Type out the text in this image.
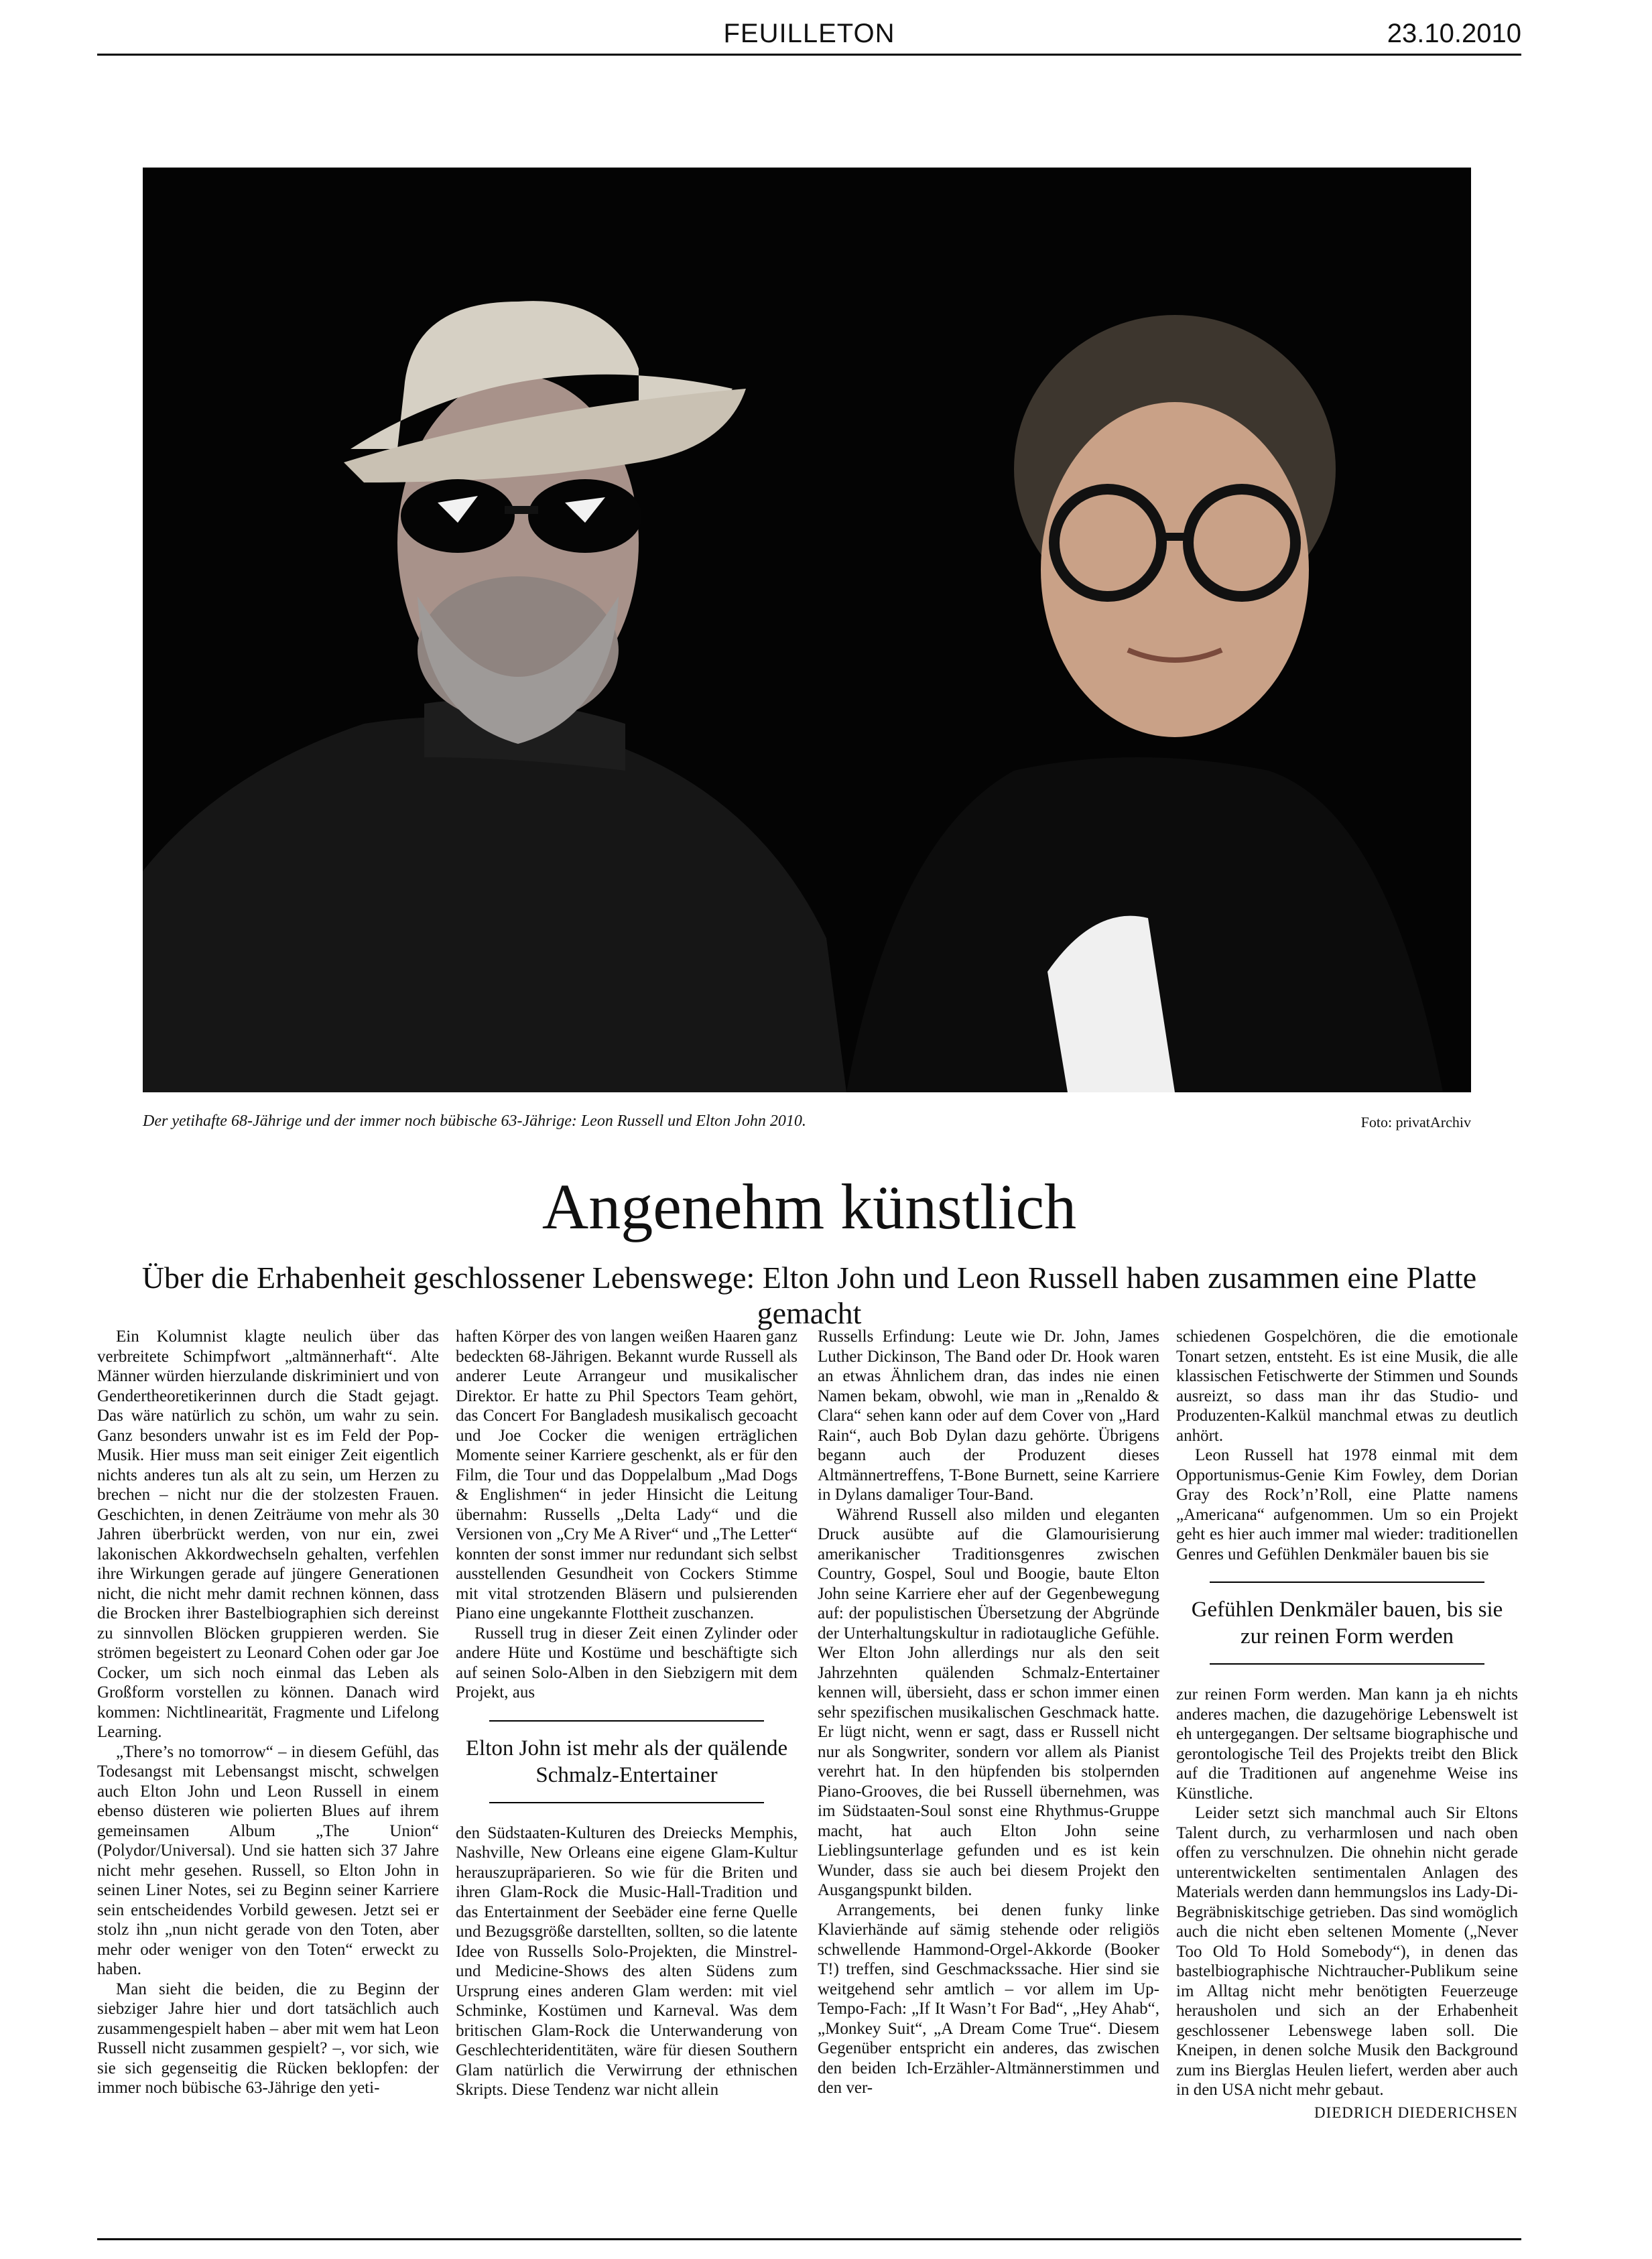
FEUILLETON	23.10.2010
Der yetihafte 68-Jährige und der immer noch bübische 63-Jährige: Leon Russell und Elton John 2010.	Foto: privatArchiv
Angenehm künstlich
Über die Erhabenheit geschlossener Lebenswege: Elton John und Leon Russell haben zusammen eine Platte gemacht

Ein Kolumnist klagte neulich über das verbreitete Schimpfwort „altmännerhaft“. Alte Männer würden hierzulande diskriminiert und von Gendertheoretikerinnen durch die Stadt gejagt. Das wäre natürlich zu schön, um wahr zu sein. Ganz besonders unwahr ist es im Feld der Pop-Musik. Hier muss man seit einiger Zeit eigentlich nichts anderes tun als alt zu sein, um Herzen zu brechen – nicht nur die der stolzesten Frauen. Geschichten, in denen Zeiträume von mehr als 30 Jahren überbrückt werden, von nur ein, zwei lakonischen Akkordwechseln gehalten, verfehlen ihre Wirkungen gerade auf jüngere Generationen nicht, die nicht mehr damit rechnen können, dass die Brocken ihrer Bastelbiographien sich dereinst zu sinnvollen Blöcken gruppieren werden. Sie strömen begeistert zu Leonard Cohen oder gar Joe Cocker, um sich noch einmal das Leben als Großform vorstellen zu können. Danach wird kommen: Nichtlinearität, Fragmente und Lifelong Learning.

„There’s no tomorrow“ – in diesem Gefühl, das Todesangst mit Lebensangst mischt, schwelgen auch Elton John und Leon Russell in einem ebenso düsteren wie polierten Blues auf ihrem gemeinsamen Album „The Union“ (Polydor/Universal). Und sie hatten sich 37 Jahre nicht mehr gesehen. Russell, so Elton John in seinen Liner Notes, sei zu Beginn seiner Karriere sein entscheidendes Vorbild gewesen. Jetzt sei er stolz ihn „nun nicht gerade von den Toten, aber mehr oder weniger von den Toten“ erweckt zu haben.

Man sieht die beiden, die zu Beginn der siebziger Jahre hier und dort tatsächlich auch zusammengespielt haben – aber mit wem hat Leon Russell nicht zusammen gespielt? –, vor sich, wie sie sich gegenseitig die Rücken beklopfen: der immer noch bübische 63-Jährige den yeti-

haften Körper des von langen weißen Haaren ganz bedeckten 68-Jährigen. Bekannt wurde Russell als anderer Leute Arrangeur und musikalischer Direktor. Er hatte zu Phil Spectors Team gehört, das Concert For Bangladesh musikalisch gecoacht und Joe Cocker die wenigen erträglichen Momente seiner Karriere geschenkt, als er für den Film, die Tour und das Doppelalbum „Mad Dogs & Englishmen“ in jeder Hinsicht die Leitung übernahm: Russells „Delta Lady“ und die Versionen von „Cry Me A River“ und „The Letter“ konnten der sonst immer nur redundant sich selbst ausstellenden Gesundheit von Cockers Stimme mit vital strotzenden Bläsern und pulsierenden Piano eine ungekannte Flottheit zuschanzen.

Russell trug in dieser Zeit einen Zylinder oder andere Hüte und Kostüme und beschäftigte sich auf seinen Solo-Alben in den Siebzigern mit dem Projekt, aus

Elton John ist mehr als der quälende Schmalz-Entertainer

den Südstaaten-Kulturen des Dreiecks Memphis, Nashville, New Orleans eine eigene Glam-Kultur herauszupräparieren. So wie für die Briten und ihren Glam-Rock die Music-Hall-Tradition und das Entertainment der Seebäder eine ferne Quelle und Bezugsgröße darstellten, sollten, so die latente Idee von Russells Solo-Projekten, die Minstrel- und Medicine-Shows des alten Südens zum Ursprung eines anderen Glam werden: mit viel Schminke, Kostümen und Karneval. Was dem britischen Glam-Rock die Unterwanderung von Geschlechteridentitäten, wäre für diesen Southern Glam natürlich die Verwirrung der ethnischen Skripts. Diese Tendenz war nicht allein

Russells Erfindung: Leute wie Dr. John, James Luther Dickinson, The Band oder Dr. Hook waren an etwas Ähnlichem dran, das indes nie einen Namen bekam, obwohl, wie man in „Renaldo & Clara“ sehen kann oder auf dem Cover von „Hard Rain“, auch Bob Dylan dazu gehörte. Übrigens begann auch der Produzent dieses Altmännertreffens, T-Bone Burnett, seine Karriere in Dylans damaliger Tour-Band.

Während Russell also milden und eleganten Druck ausübte auf die Glamourisierung amerikanischer Traditionsgenres zwischen Country, Gospel, Soul und Boogie, baute Elton John seine Karriere eher auf der Gegenbewegung auf: der populistischen Übersetzung der Abgründe der Unterhaltungskultur in radiotaugliche Gefühle. Wer Elton John allerdings nur als den seit Jahrzehnten quälenden Schmalz-Entertainer kennen will, übersieht, dass er schon immer einen sehr spezifischen musikalischen Geschmack hatte. Er lügt nicht, wenn er sagt, dass er Russell nicht nur als Songwriter, sondern vor allem als Pianist verehrt hat. In den hüpfenden bis stolpernden Piano-Grooves, die bei Russell übernehmen, was im Südstaaten-Soul sonst eine Rhythmus-Gruppe macht, hat auch Elton John seine Lieblingsunterlage gefunden und es ist kein Wunder, dass sie auch bei diesem Projekt den Ausgangspunkt bilden.

Arrangements, bei denen funky linke Klavierhände auf sämig stehende oder religiös schwellende Hammond-Orgel-Akkorde (Booker T!) treffen, sind Geschmackssache. Hier sind sie weitgehend sehr amtlich – vor allem im Up-Tempo-Fach: „If It Wasn’t For Bad“, „Hey Ahab“, „Monkey Suit“, „A Dream Come True“. Diesem Gegenüber entspricht ein anderes, das zwischen den beiden Ich-Erzähler-Altmännerstimmen und den ver-

schiedenen Gospelchören, die die emotionale Tonart setzen, entsteht. Es ist eine Musik, die alle klassischen Fetischwerte der Stimmen und Sounds ausreizt, so dass man ihr das Studio- und Produzenten-Kalkül manchmal etwas zu deutlich anhört.

Leon Russell hat 1978 einmal mit dem Opportunismus-Genie Kim Fowley, dem Dorian Gray des Rock’n’Roll, eine Platte namens „Americana“ aufgenommen. Um so ein Projekt geht es hier auch immer mal wieder: traditionellen Genres und Gefühlen Denkmäler bauen bis sie

Gefühlen Denkmäler bauen, bis sie zur reinen Form werden

zur reinen Form werden. Man kann ja eh nichts anderes machen, die dazugehörige Lebenswelt ist eh untergegangen. Der seltsame biographische und gerontologische Teil des Projekts treibt den Blick auf die Traditionen auf angenehme Weise ins Künstliche.

Leider setzt sich manchmal auch Sir Eltons Talent durch, zu verharmlosen und nach oben offen zu verschnulzen. Die ohnehin nicht gerade unterentwickelten sentimentalen Anlagen des Materials werden dann hemmungslos ins Lady-Di-Begräbniskitschige getrieben. Das sind womöglich auch die nicht eben seltenen Momente („Never Too Old To Hold Somebody“), in denen das bastelbiographische Nichtraucher-Publikum seine im Alltag nicht mehr benötigten Feuerzeuge herausholen und sich an der Erhabenheit geschlossener Lebenswege laben soll. Die Kneipen, in denen solche Musik den Background zum ins Bierglas Heulen liefert, werden aber auch in den USA nicht mehr gebaut.

DIEDRICH DIEDERICHSEN
